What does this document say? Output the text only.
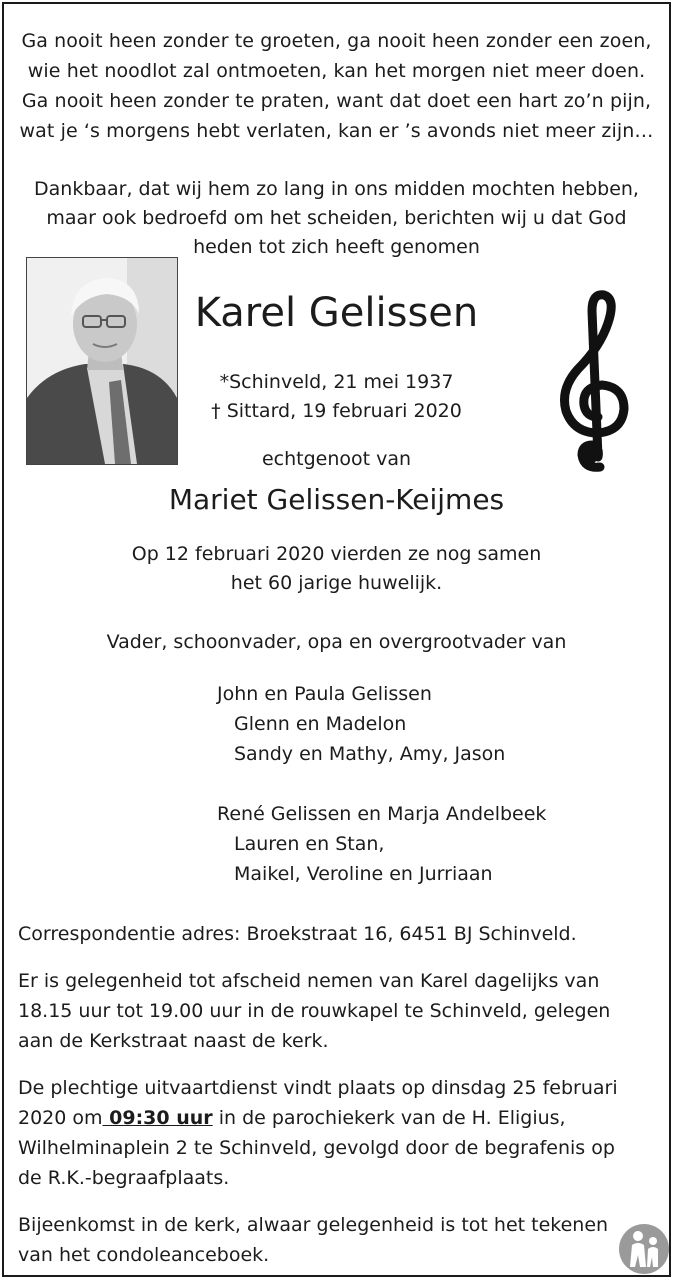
Ga nooit heen zonder te groeten, ga nooit heen zonder een zoen,
wie het noodlot zal ontmoeten, kan het morgen niet meer doen.
Ga nooit heen zonder te praten, want dat doet een hart zo’n pijn,
wat je ‘s morgens hebt verlaten, kan er ’s avonds niet meer zijn…
Dankbaar, dat wij hem zo lang in ons midden mochten hebben,
maar ook bedroefd om het scheiden, berichten wij u dat God
heden tot zich heeft genomen
Karel Gelissen
*Schinveld, 21 mei 1937
† Sittard, 19 februari 2020
echtgenoot van
Mariet Gelissen-Keijmes
Op 12 februari 2020 vierden ze nog samen
het 60 jarige huwelijk.
Vader, schoonvader, opa en overgrootvader van
John en Paula Gelissen
Glenn en Madelon
Sandy en Mathy, Amy, Jason
René Gelissen en Marja Andelbeek
Lauren en Stan,
Maikel, Veroline en Jurriaan
Correspondentie adres: Broekstraat 16, 6451 BJ Schinveld.
Er is gelegenheid tot afscheid nemen van Karel dagelijks van
18.15 uur tot 19.00 uur in de rouwkapel te Schinveld, gelegen
aan de Kerkstraat naast de kerk.
De plechtige uitvaartdienst vindt plaats op dinsdag 25 februari
2020 om 09:30 uur in de parochiekerk van de H. Eligius,
Wilhelminaplein 2 te Schinveld, gevolgd door de begrafenis op
de R.K.-begraafplaats.
Bijeenkomst in de kerk, alwaar gelegenheid is tot het tekenen
van het condoleanceboek.
